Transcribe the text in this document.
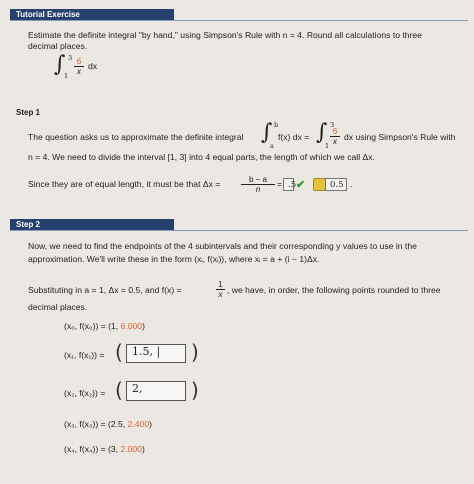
Tutorial Exercise
Estimate the definite integral "by hand," using Simpson's Rule with n = 4. Round all calculations to three
decimal places.
∫ 3
$1 \frac{6}{x}$ dx
Step 1
The question asks us to approximate the definite integral ∫ b
a
f(x) dx = ∫ 3
$1 \frac{6}{x}$ dx using Simpson's Rule with
n = 4. We need to divide the interval [1, 3] into 4 equal parts, the length of which we call Δx.
Since they are of equal length, it must be that Δx =	$\frac{b - a}{n} = .5$ ✔	0.5 .
Step 2
Now, we need to find the endpoints of the 4 subintervals and their corresponding y values to use in the
approximation. We'll write these in the form (xᵢ, f(xᵢ)), where xᵢ = a + (i − 1)Δx.
Substituting in a = 1, Δx = 0.5, and f(x) =	$\frac{1}{x}$ , we have, in order, the following points rounded to three
decimal places.
(x₀, f(x₀)) = (1, 6.000)
(x₁, f(x₁)) = ( 1.5, |	)
(x₂, f(x₂)) = ( 2,	)
(x₃, f(x₃)) = (2.5, 2.400)
(x₄, f(x₄)) = (3, 2.000)
